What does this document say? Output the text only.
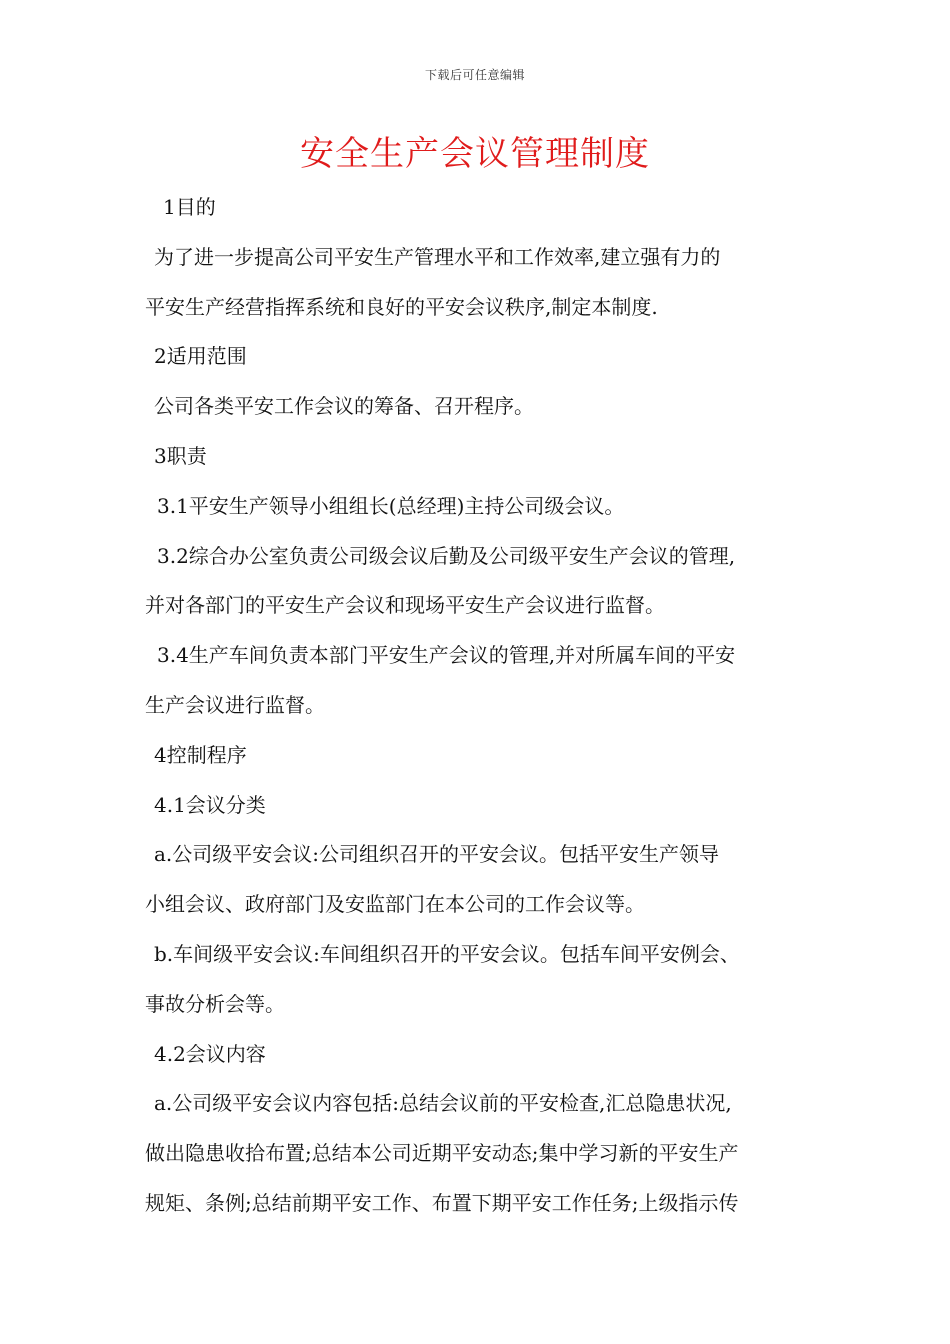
下载后可任意编辑
安全生产会议管理制度

1目的

为了进一步提高公司平安生产管理水平和工作效率,建立强有力的

平安生产经营指挥系统和良好的平安会议秩序,制定本制度.

2适用范围

公司各类平安工作会议的筹备、召开程序。

3职责

3.1平安生产领导小组组长(总经理)主持公司级会议。

3.2综合办公室负责公司级会议后勤及公司级平安生产会议的管理,

并对各部门的平安生产会议和现场平安生产会议进行监督。

3.4生产车间负责本部门平安生产会议的管理,并对所属车间的平安

生产会议进行监督。

4控制程序

4.1会议分类

a.公司级平安会议:公司组织召开的平安会议。包括平安生产领导

小组会议、政府部门及安监部门在本公司的工作会议等。

b.车间级平安会议:车间组织召开的平安会议。包括车间平安例会、

事故分析会等。

4.2会议内容

a.公司级平安会议内容包括:总结会议前的平安检查,汇总隐患状况,

做出隐患收拾布置;总结本公司近期平安动态;集中学习新的平安生产

规矩、条例;总结前期平安工作、布置下期平安工作任务;上级指示传
